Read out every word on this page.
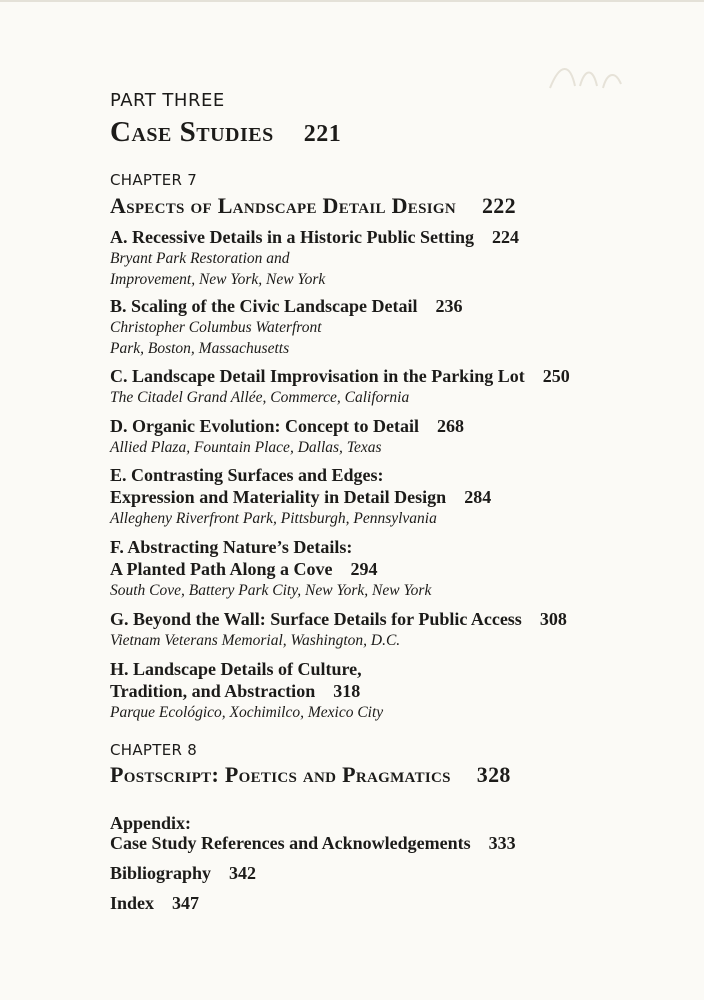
PART THREE
Case Studies 221
CHAPTER 7
Aspects of Landscape Detail Design 222
A. Recessive Details in a Historic Public Setting 224
Bryant Park Restoration and
Improvement, New York, New York
B. Scaling of the Civic Landscape Detail 236
Christopher Columbus Waterfront
Park, Boston, Massachusetts
C. Landscape Detail Improvisation in the Parking Lot 250
The Citadel Grand Allée, Commerce, California
D. Organic Evolution: Concept to Detail 268
Allied Plaza, Fountain Place, Dallas, Texas
E. Contrasting Surfaces and Edges:
Expression and Materiality in Detail Design 284
Allegheny Riverfront Park, Pittsburgh, Pennsylvania
F. Abstracting Nature’s Details:
A Planted Path Along a Cove 294
South Cove, Battery Park City, New York, New York
G. Beyond the Wall: Surface Details for Public Access 308
Vietnam Veterans Memorial, Washington, D.C.
H. Landscape Details of Culture,
Tradition, and Abstraction 318
Parque Ecológico, Xochimilco, Mexico City
CHAPTER 8
Postscript: Poetics and Pragmatics 328
Appendix:
Case Study References and Acknowledgements 333
Bibliography 342
Index 347
